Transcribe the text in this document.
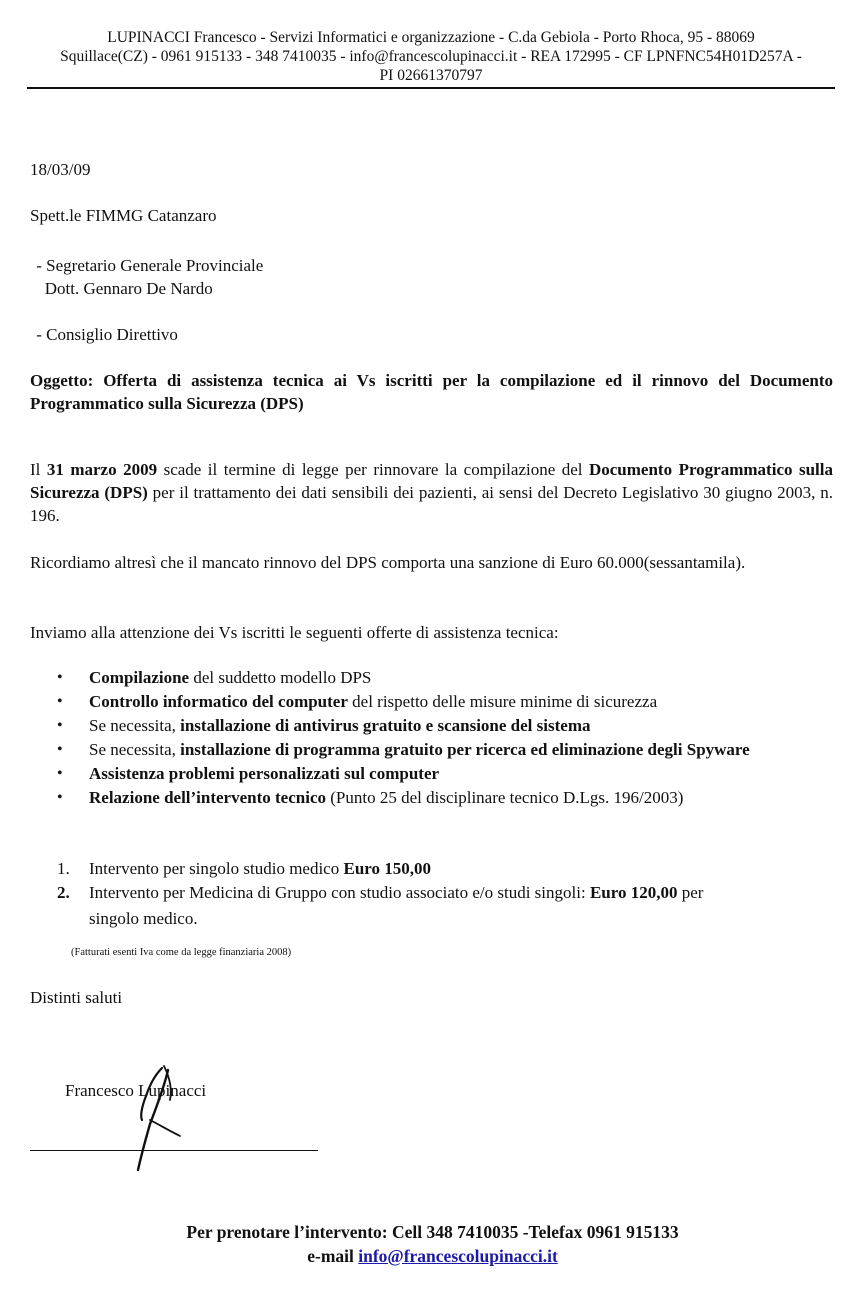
LUPINACCI Francesco - Servizi Informatici e organizzazione - C.da Gebiola - Porto Rhoca, 95 - 88069
Squillace(CZ) - 0961 915133 - 348 7410035 - info@francescolupinacci.it - REA 172995 - CF LPNFNC54H01D257A -
PI 02661370797
18/03/09
Spett.le FIMMG Catanzaro
- Segretario Generale Provinciale
Dott. Gennaro De Nardo
- Consiglio Direttivo
Oggetto: Offerta di assistenza tecnica ai Vs iscritti per la compilazione ed il rinnovo del Documento Programmatico sulla Sicurezza (DPS)
Il 31 marzo 2009 scade il termine di legge per rinnovare la compilazione del Documento Programmatico sulla Sicurezza (DPS) per il trattamento dei dati sensibili dei pazienti, ai sensi del Decreto Legislativo 30 giugno 2003, n. 196.
Ricordiamo altresì che il mancato rinnovo del DPS comporta una sanzione di Euro 60.000(sessantamila).
Inviamo alla attenzione dei Vs iscritti le seguenti offerte di assistenza tecnica:
• Compilazione del suddetto modello DPS
• Controllo informatico del computer del rispetto delle misure minime di sicurezza
• Se necessita, installazione di antivirus gratuito e scansione del sistema
• Se necessita, installazione di programma gratuito per ricerca ed eliminazione degli Spyware
• Assistenza problemi personalizzati sul computer
• Relazione dell’intervento tecnico (Punto 25 del disciplinare tecnico D.Lgs. 196/2003)
1. Intervento per singolo studio medico Euro 150,00
2. Intervento per Medicina di Gruppo con studio associato e/o studi singoli: Euro 120,00 per
singolo medico.
(Fatturati esenti Iva come da legge finanziaria 2008)
Distinti saluti
Francesco Lupinacci
Per prenotare l’intervento: Cell 348 7410035 -Telefax 0961 915133
e-mail info@francescolupinacci.it
